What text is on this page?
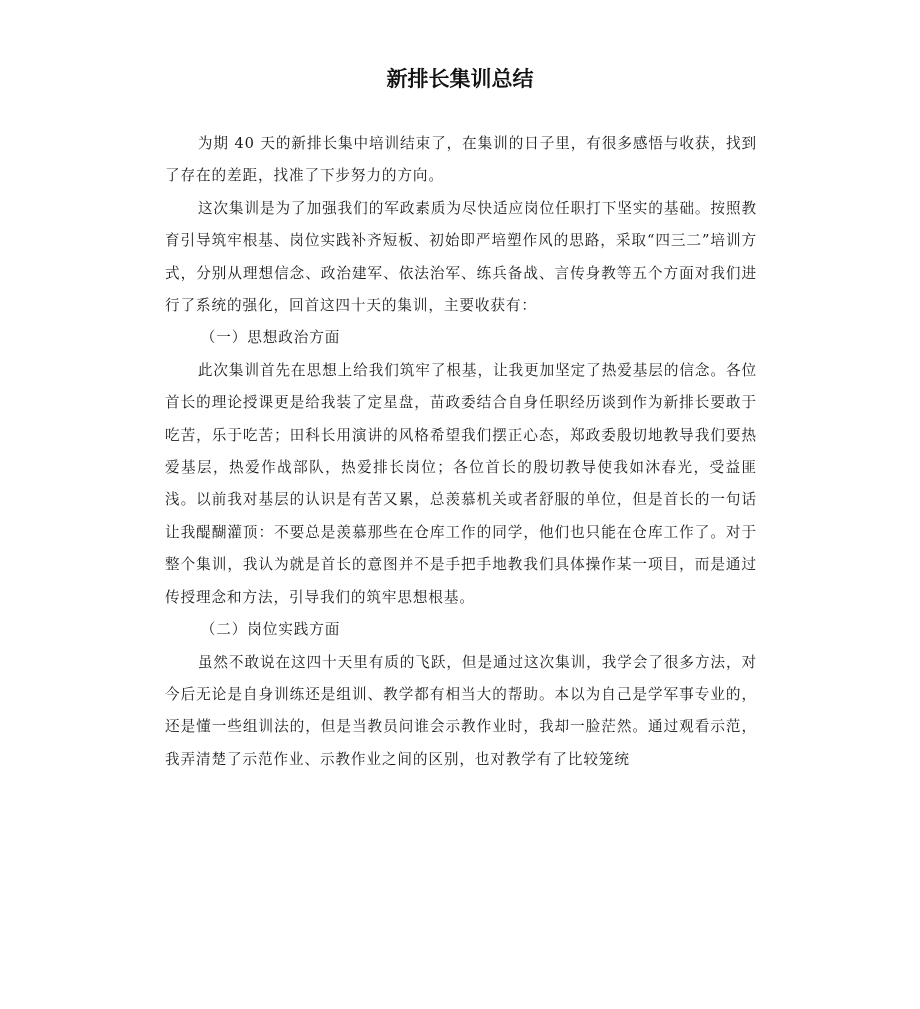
新排长集训总结

为期 40 天的新排长集中培训结束了，在集训的日子里，有很多感悟与收获，找到了存在的差距，找准了下步努力的方向。

这次集训是为了加强我们的军政素质为尽快适应岗位任职打下坚实的基础。按照教育引导筑牢根基、岗位实践补齐短板、初始即严培塑作风的思路，采取“四三二”培训方式，分别从理想信念、政治建军、依法治军、练兵备战、言传身教等五个方面对我们进行了系统的强化，回首这四十天的集训，主要收获有：

（一）思想政治方面

此次集训首先在思想上给我们筑牢了根基，让我更加坚定了热爱基层的信念。各位首长的理论授课更是给我装了定星盘，苗政委结合自身任职经历谈到作为新排长要敢于吃苦，乐于吃苦；田科长用演讲的风格希望我们摆正心态，郑政委殷切地教导我们要热爱基层，热爱作战部队，热爱排长岗位；各位首长的殷切教导使我如沐春光，受益匪浅。以前我对基层的认识是有苦又累，总羡慕机关或者舒服的单位，但是首长的一句话让我醍醐灌顶：不要总是羡慕那些在仓库工作的同学，他们也只能在仓库工作了。对于整个集训，我认为就是首长的意图并不是手把手地教我们具体操作某一项目，而是通过传授理念和方法，引导我们的筑牢思想根基。

（二）岗位实践方面

虽然不敢说在这四十天里有质的飞跃，但是通过这次集训，我学会了很多方法，对今后无论是自身训练还是组训、教学都有相当大的帮助。本以为自己是学军事专业的，还是懂一些组训法的，但是当教员问谁会示教作业时，我却一脸茫然。通过观看示范，我弄清楚了示范作业、示教作业之间的区别，也对教学有了比较笼统
